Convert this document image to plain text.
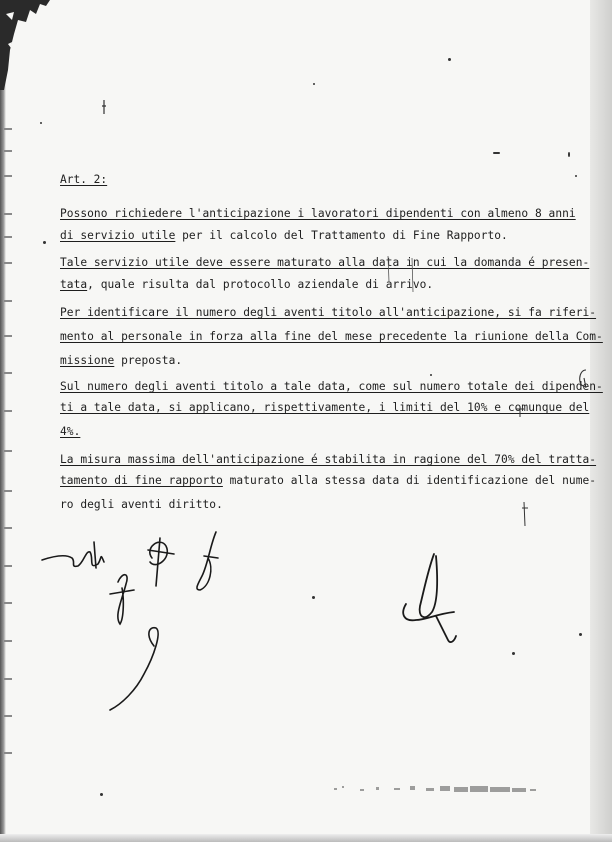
Art. 2:
Possono richiedere l'anticipazione i lavoratori dipendenti con almeno 8 anni
di servizio utile per il calcolo del Trattamento di Fine Rapporto.
Tale servizio utile deve essere maturato alla data in cui la domanda é presen-
tata, quale risulta dal protocollo aziendale di arrivo.
Per identificare il numero degli aventi titolo all'anticipazione, si fa riferi-
mento al personale in forza alla fine del mese precedente la riunione della Com-
missione preposta.
Sul numero degli aventi titolo a tale data, come sul numero totale dei dipenden-
ti a tale data, si applicano, rispettivamente, i limiti del 10% e comunque del
4%.
La misura massima dell'anticipazione é stabilita in ragione del 70% del tratta-
tamento di fine rapporto maturato alla stessa data di identificazione del nume-
ro degli aventi diritto.
